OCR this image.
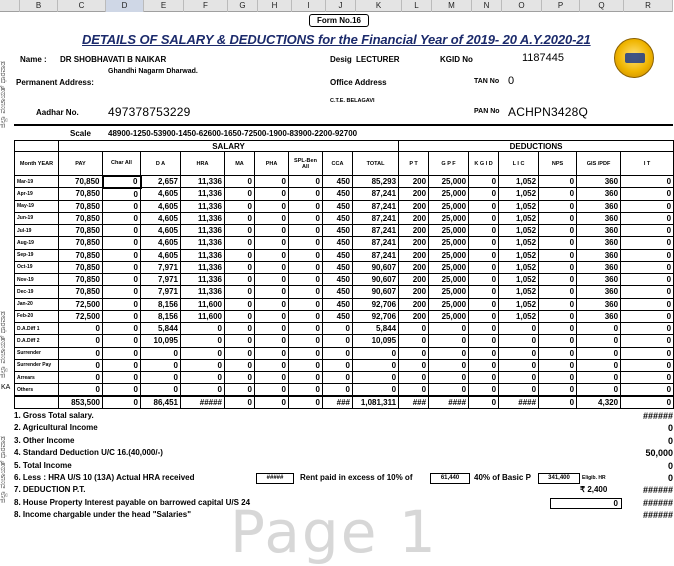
B	C	D	E	F	G	H	I	J	K	L	M	N	O	P	Q	R
ಜಿಲ್ಲಾ ಪಂಚಾಯತ್ ಧಾರವಾಡ
ಜಿಲ್ಲಾ ಪಂಚಾಯತ್ ಧಾರವಾಡ
ಜಿಲ್ಲಾ ಪಂಚಾಯತ್ ಧಾರವಾಡ
Form No.16
DETAILS OF SALARY & DEDUCTIONS for the Financial Year of 2019- 20 A.Y.2020-21
Name : DR SHOBHAVATI B NAIKAR	Desig LECTURER	KGID No	1187445
Ghandhi Nagarm Dharwad.
Permanent Address:	Office Address	TAN No 0
C.T.E. BELAGAVI
Aadhar No. 497378753229	PAN No ACHPN3428Q
Scale 48900-1250-53900-1450-62600-1650-72500-1900-83900-2200-92700
	SALARY									DEDUCTIONS						
Month YEAR	PAY	Char All	D A	HRA	MA	PHA	SPL-Ben All	CCA	TOTAL	P T	G P F	K G I D	L I C	NPS	GIS /PDF	I T
Mar-19	70,850	0	2,657	11,336	0	0	0	450	85,293	200	25,000	0	1,052	0	360	0
Apr-19	70,850	0	4,605	11,336	0	0	0	450	87,241	200	25,000	0	1,052	0	360	0
May-19	70,850	0	4,605	11,336	0	0	0	450	87,241	200	25,000	0	1,052	0	360	0
Jun-19	70,850	0	4,605	11,336	0	0	0	450	87,241	200	25,000	0	1,052	0	360	0
Jul-19	70,850	0	4,605	11,336	0	0	0	450	87,241	200	25,000	0	1,052	0	360	0
Aug-19	70,850	0	4,605	11,336	0	0	0	450	87,241	200	25,000	0	1,052	0	360	0
Sep-19	70,850	0	4,605	11,336	0	0	0	450	87,241	200	25,000	0	1,052	0	360	0
Oct-19	70,850	0	7,971	11,336	0	0	0	450	90,607	200	25,000	0	1,052	0	360	0
Nov-19	70,850	0	7,971	11,336	0	0	0	450	90,607	200	25,000	0	1,052	0	360	0
Dec-19	70,850	0	7,971	11,336	0	0	0	450	90,607	200	25,000	0	1,052	0	360	0
Jan-20	72,500	0	8,156	11,600	0	0	0	450	92,706	200	25,000	0	1,052	0	360	0
Feb-20	72,500	0	8,156	11,600	0	0	0	450	92,706	200	25,000	0	1,052	0	360	0
D.A.Diff 1	0	0	5,844	0	0	0	0	0	5,844	0	0	0	0	0	0	0
D.A.Diff 2	0	0	10,095	0	0	0	0	0	10,095	0	0	0	0	0	0	0
Surrender	0	0	0	0	0	0	0	0	0	0	0	0	0	0	0	0
Surrender Pay	0	0	0	0	0	0	0	0	0	0	0	0	0	0	0	0
Arrears	0	0	0	0	0	0	0	0	0	0	0	0	0	0	0	0
Others	0	0	0	0	0	0	0	0	0	0	0	0	0	0	0	0
	853,500	0	86,451	#####	0	0	0	###	1,081,311	###	####	0	####	0	4,320	0
KA
1. Gross Total salary.	######
2. Agricultural Income	0
3. Other Income	0
4. Standard Deduction U/C 16.(40,000/-)	50,000
5. Total Income	0
6. Less : HRA U/S 10 (13A) Actual HRA received	0
7. DEDUCTION P.T.	######
8. House Property Interest payable on barrowed capital U/S 24	######
8. Income chargable under the head "Salaries"	######
#####	Rent paid in excess of 10% of	61,440	40% of Basic P	341,400	Eligib. HR
₹ 2,400
0
Page 1
